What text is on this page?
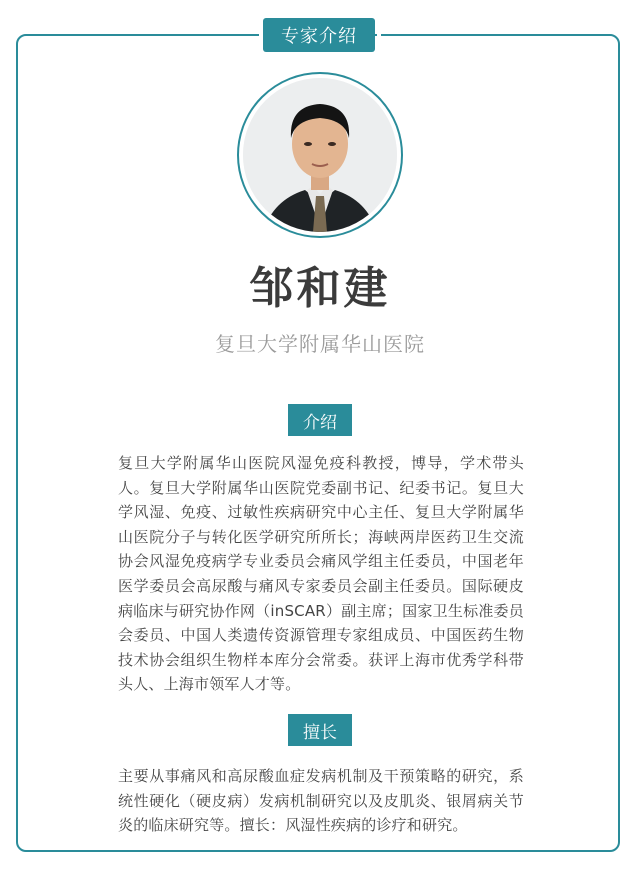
专家介绍
邹和建
复旦大学附属华山医院
介绍
复旦大学附属华山医院风湿免疫科教授，博导，学术带头人。复旦大学附属华山医院党委副书记、纪委书记。复旦大学风湿、免疫、过敏性疾病研究中心主任、复旦大学附属华山医院分子与转化医学研究所所长；海峡两岸医药卫生交流协会风湿免疫病学专业委员会痛风学组主任委员，中国老年医学委员会高尿酸与痛风专家委员会副主任委员。国际硬皮病临床与研究协作网（inSCAR）副主席；国家卫生标准委员会委员、中国人类遗传资源管理专家组成员、中国医药生物技术协会组织生物样本库分会常委。获评上海市优秀学科带头人、上海市领军人才等。
擅长
主要从事痛风和高尿酸血症发病机制及干预策略的研究，系统性硬化（硬皮病）发病机制研究以及皮肌炎、银屑病关节炎的临床研究等。擅长：风湿性疾病的诊疗和研究。
